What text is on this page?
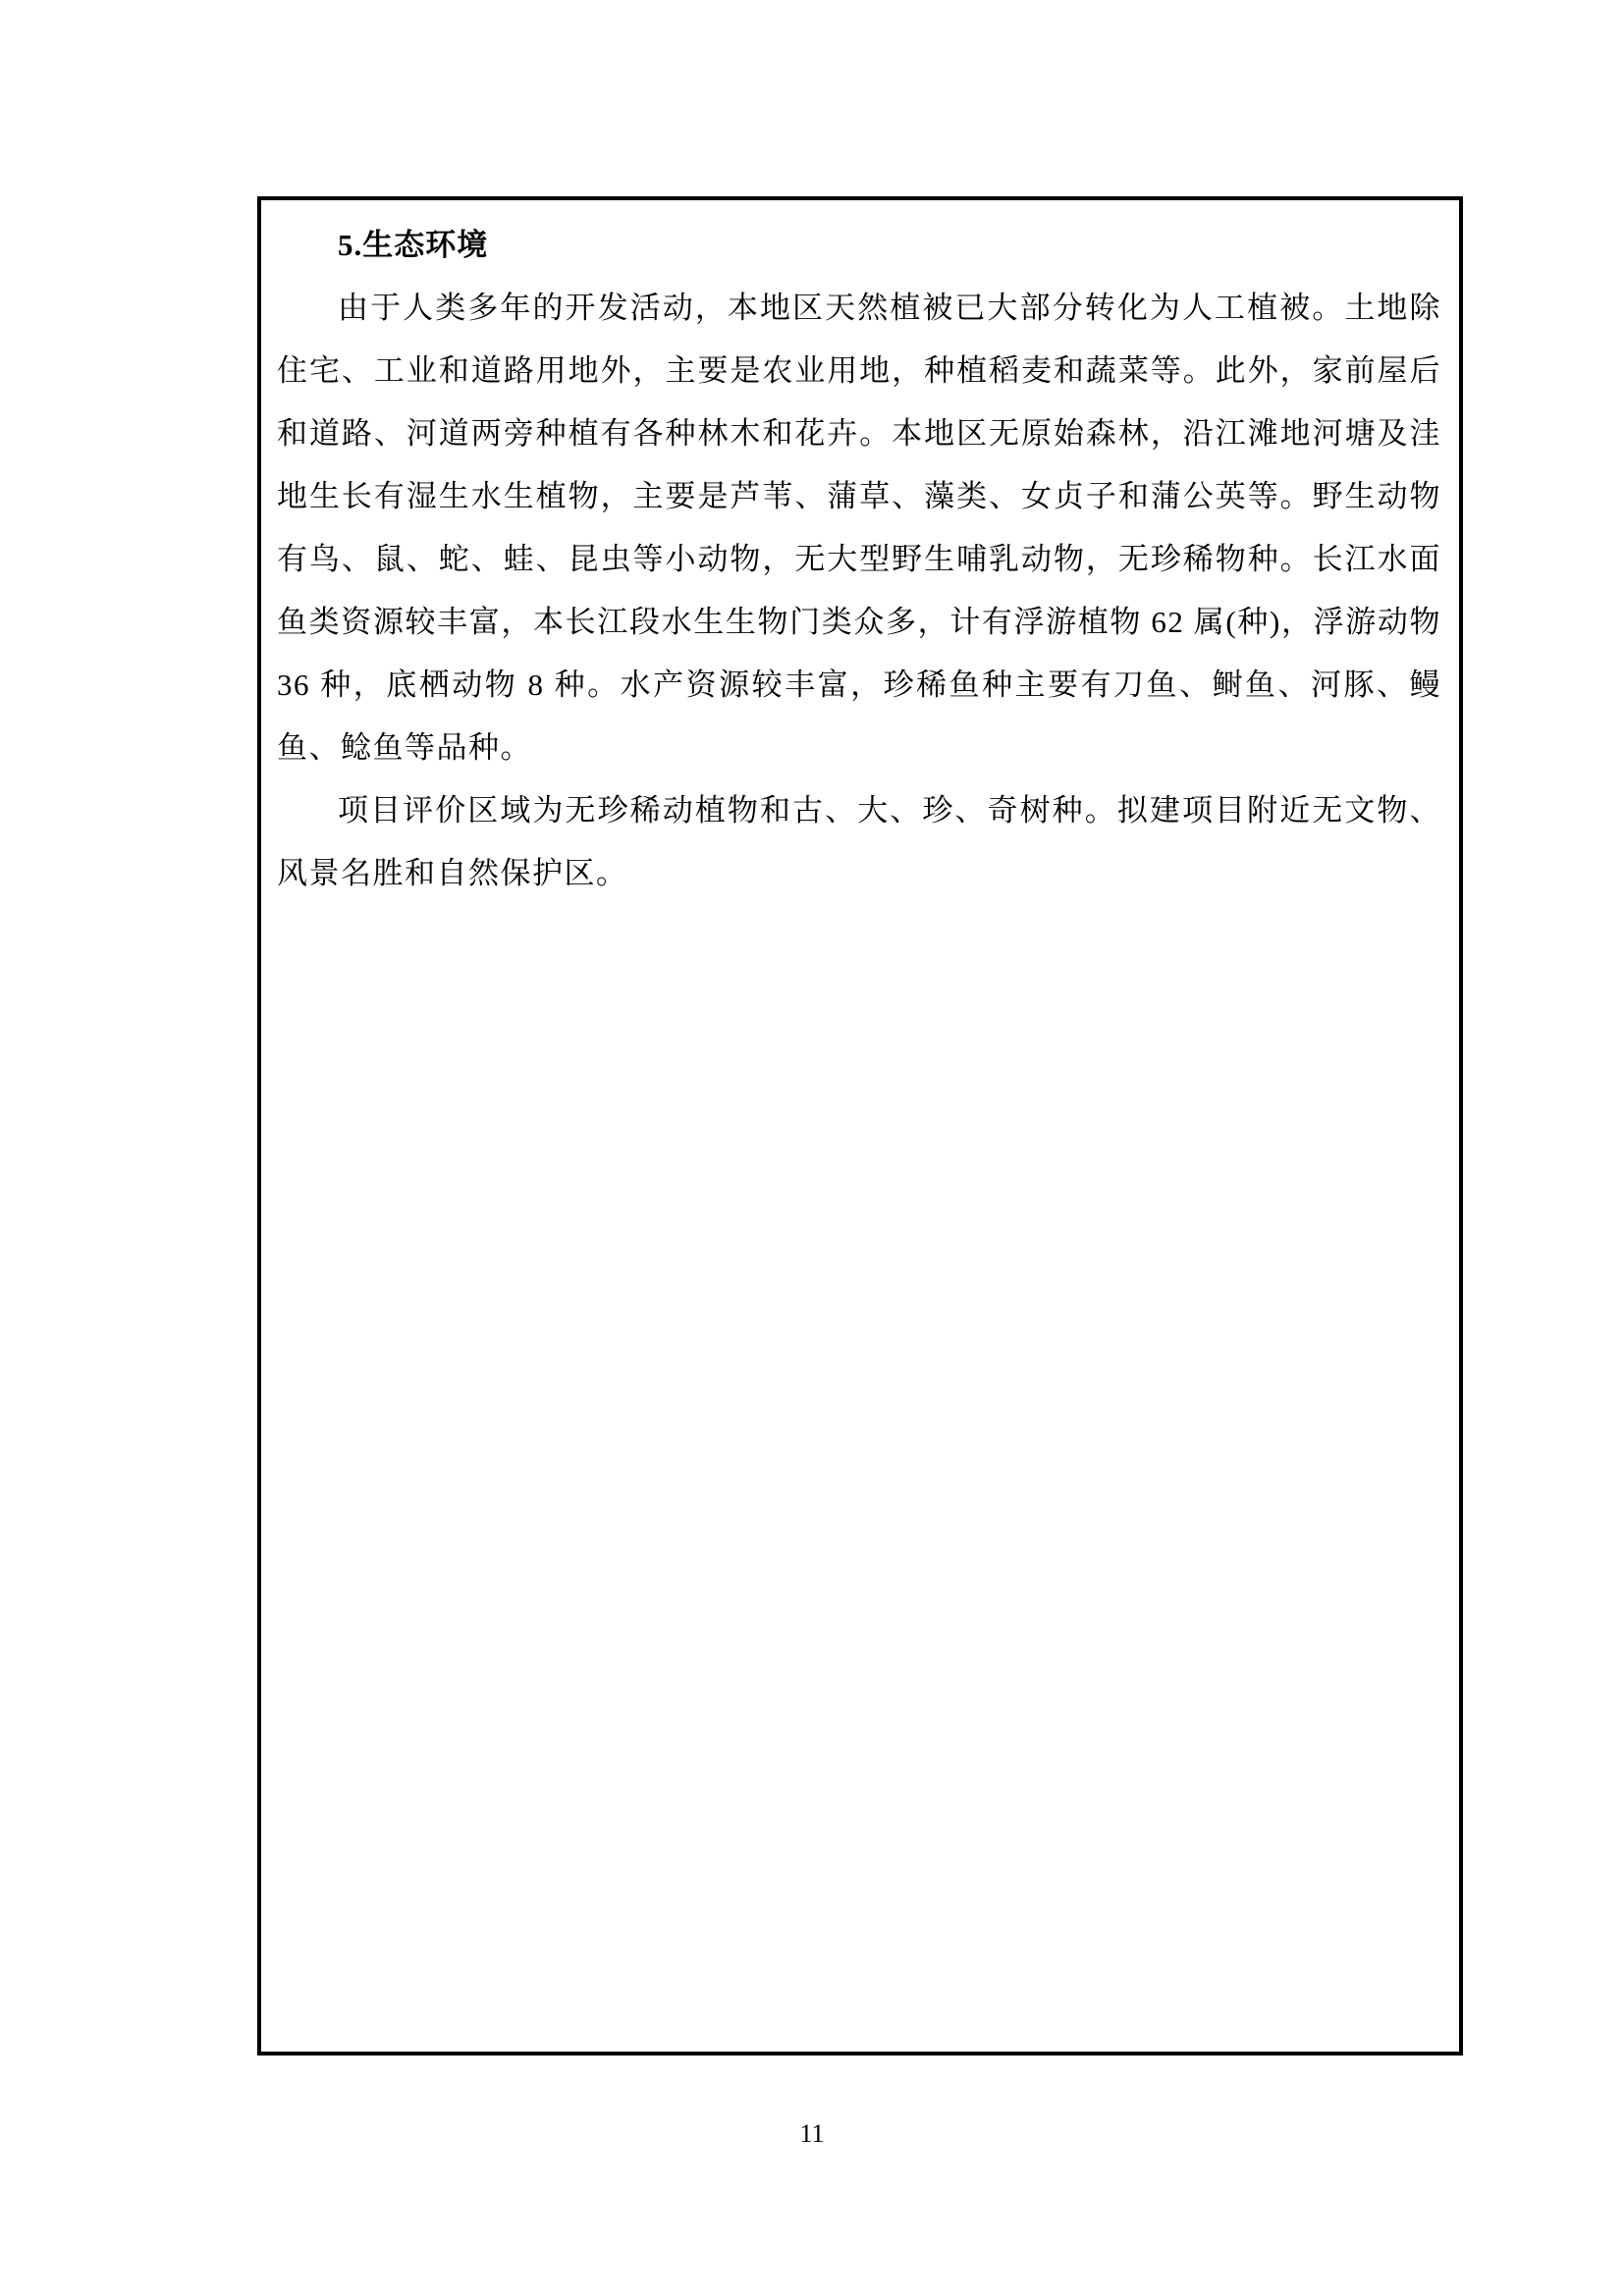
5.生态环境

由于人类多年的开发活动，本地区天然植被已大部分转化为人工植被。土地除住宅、工业和道路用地外，主要是农业用地，种植稻麦和蔬菜等。此外，家前屋后和道路、河道两旁种植有各种林木和花卉。本地区无原始森林，沿江滩地河塘及洼地生长有湿生水生植物，主要是芦苇、蒲草、藻类、女贞子和蒲公英等。野生动物有鸟、鼠、蛇、蛙、昆虫等小动物，无大型野生哺乳动物，无珍稀物种。长江水面鱼类资源较丰富，本长江段水生生物门类众多，计有浮游植物 62 属(种)，浮游动物 36 种，底栖动物 8 种。水产资源较丰富，珍稀鱼种主要有刀鱼、鲥鱼、河豚、鳗鱼、鲶鱼等品种。

项目评价区域为无珍稀动植物和古、大、珍、奇树种。拟建项目附近无文物、风景名胜和自然保护区。

11
